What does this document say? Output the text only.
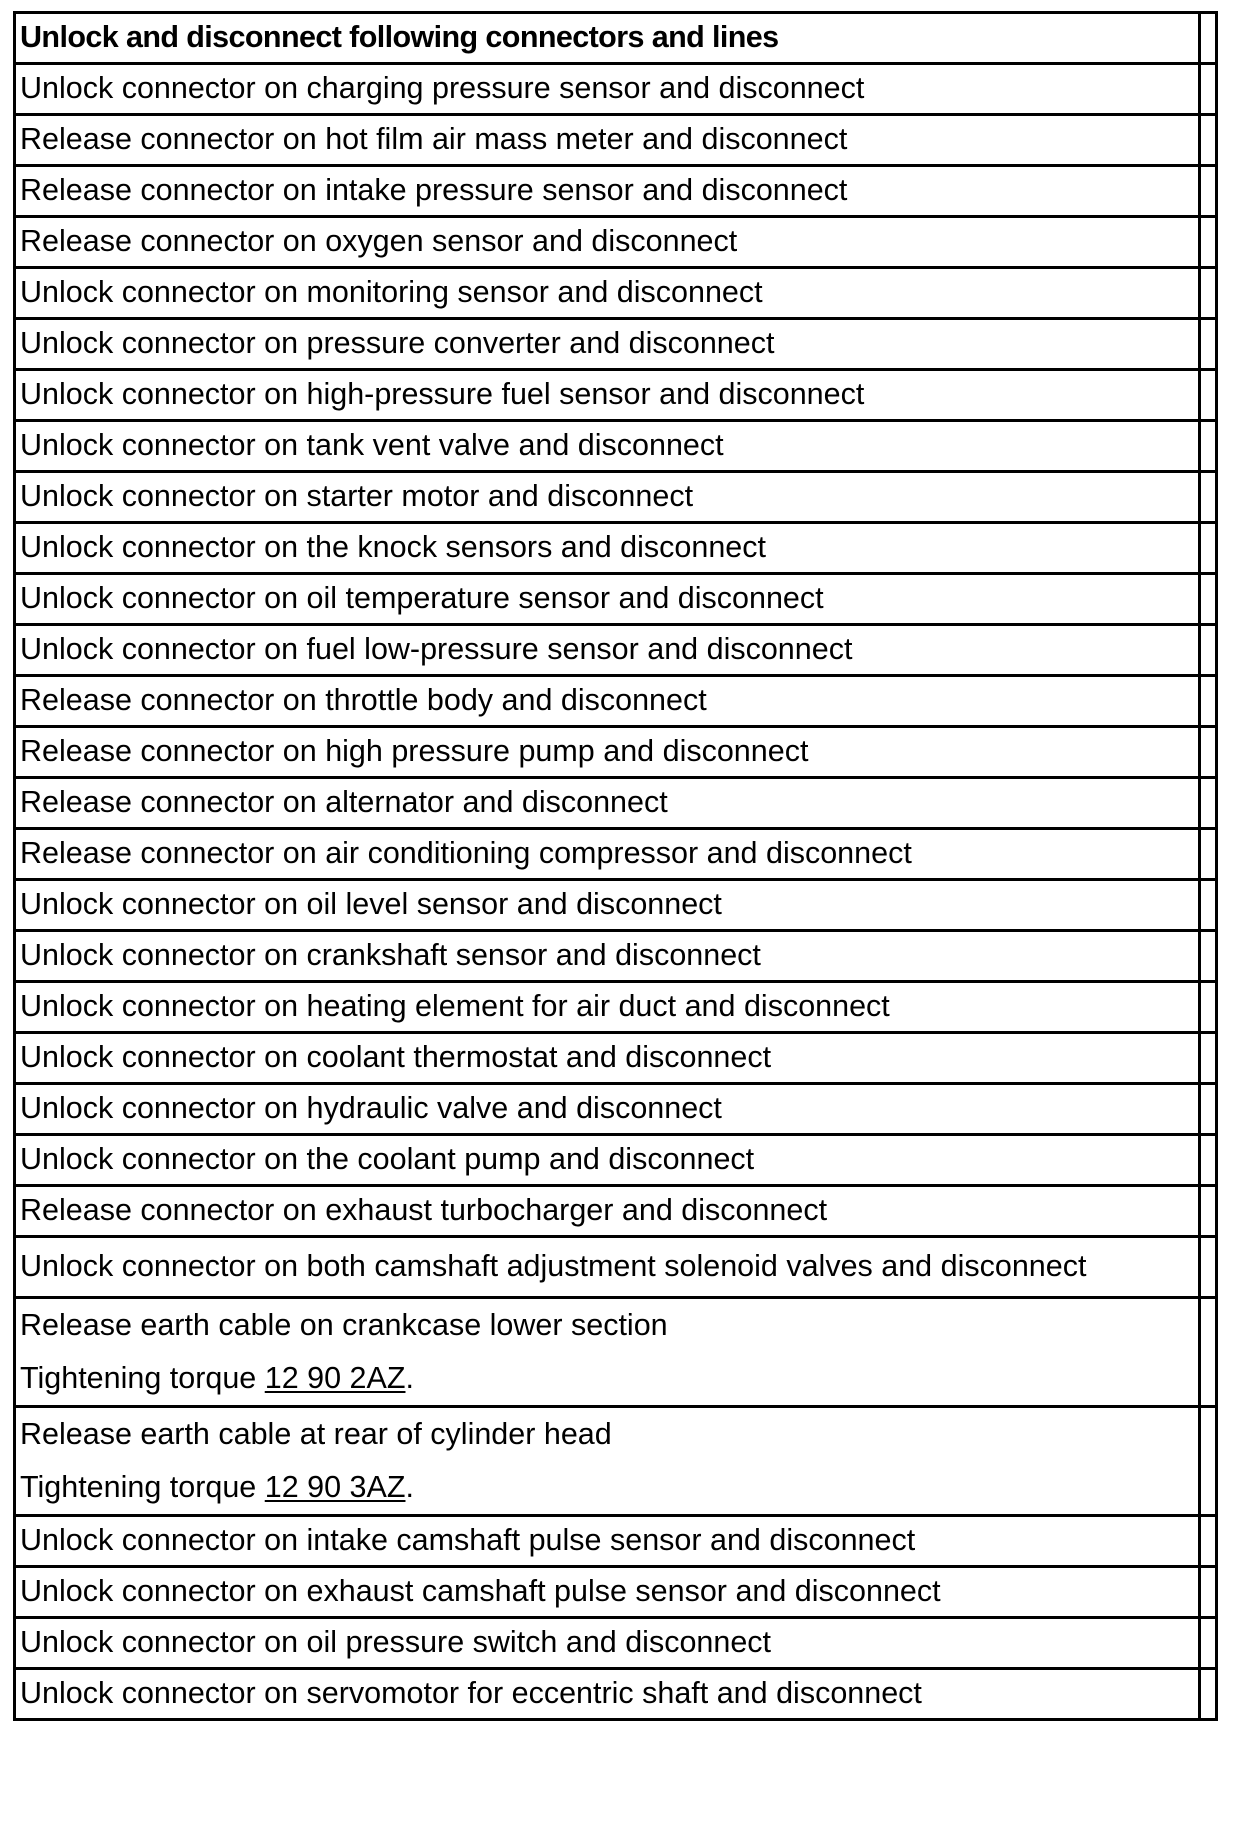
Unlock and disconnect following connectors and lines	
Unlock connector on charging pressure sensor and disconnect	
Release connector on hot film air mass meter and disconnect	
Release connector on intake pressure sensor and disconnect	
Release connector on oxygen sensor and disconnect	
Unlock connector on monitoring sensor and disconnect	
Unlock connector on pressure converter and disconnect	
Unlock connector on high-pressure fuel sensor and disconnect	
Unlock connector on tank vent valve and disconnect	
Unlock connector on starter motor and disconnect	
Unlock connector on the knock sensors and disconnect	
Unlock connector on oil temperature sensor and disconnect	
Unlock connector on fuel low-pressure sensor and disconnect	
Release connector on throttle body and disconnect	
Release connector on high pressure pump and disconnect	
Release connector on alternator and disconnect	
Release connector on air conditioning compressor and disconnect	
Unlock connector on oil level sensor and disconnect	
Unlock connector on crankshaft sensor and disconnect	
Unlock connector on heating element for air duct and disconnect	
Unlock connector on coolant thermostat and disconnect	
Unlock connector on hydraulic valve and disconnect	
Unlock connector on the coolant pump and disconnect	
Release connector on exhaust turbocharger and disconnect	
Unlock connector on both camshaft adjustment solenoid valves and disconnect	

Release earth cable on crankcase lower section
Tightening torque 12 90 2AZ.	

Release earth cable at rear of cylinder head
Tightening torque 12 90 3AZ.	

Unlock connector on intake camshaft pulse sensor and disconnect	
Unlock connector on exhaust camshaft pulse sensor and disconnect	
Unlock connector on oil pressure switch and disconnect	
Unlock connector on servomotor for eccentric shaft and disconnect	
